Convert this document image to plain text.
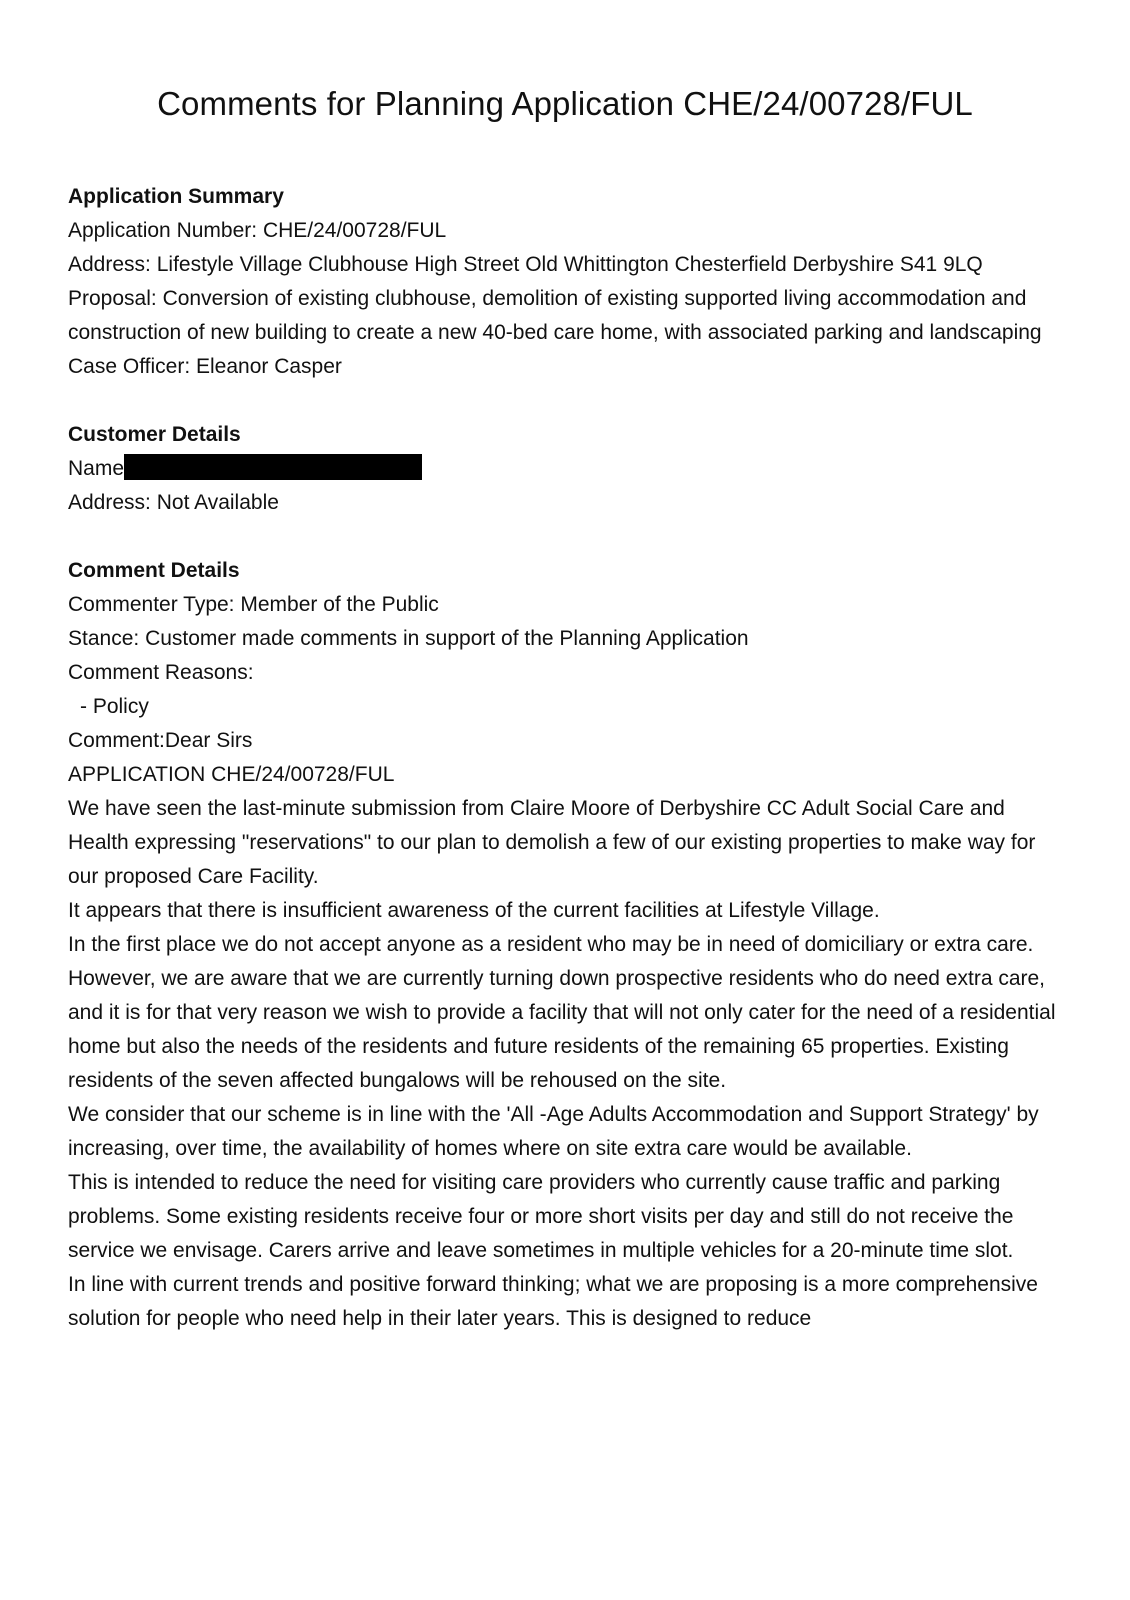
Comments for Planning Application CHE/24/00728/FUL

Application Summary

Application Number: CHE/24/00728/FUL

Address: Lifestyle Village Clubhouse High Street Old Whittington Chesterfield Derbyshire S41 9LQ

Proposal: Conversion of existing clubhouse, demolition of existing supported living accommodation and construction of new building to create a new 40-bed care home, with associated parking and landscaping

Case Officer: Eleanor Casper

Customer Details

Name

Address: Not Available

Comment Details

Commenter Type: Member of the Public

Stance: Customer made comments in support of the Planning Application

Comment Reasons:

- Policy

Comment:Dear Sirs

APPLICATION CHE/24/00728/FUL

We have seen the last-minute submission from Claire Moore of Derbyshire CC Adult Social Care and Health expressing "reservations" to our plan to demolish a few of our existing properties to make way for our proposed Care Facility.

It appears that there is insufficient awareness of the current facilities at Lifestyle Village.

In the first place we do not accept anyone as a resident who may be in need of domiciliary or extra care.

However, we are aware that we are currently turning down prospective residents who do need extra care, and it is for that very reason we wish to provide a facility that will not only cater for the need of a residential home but also the needs of the residents and future residents of the remaining 65 properties. Existing residents of the seven affected bungalows will be rehoused on the site.

We consider that our scheme is in line with the 'All -Age Adults Accommodation and Support Strategy' by increasing, over time, the availability of homes where on site extra care would be available.

This is intended to reduce the need for visiting care providers who currently cause traffic and parking problems. Some existing residents receive four or more short visits per day and still do not receive the service we envisage. Carers arrive and leave sometimes in multiple vehicles for a 20-minute time slot.

In line with current trends and positive forward thinking; what we are proposing is a more comprehensive solution for people who need help in their later years. This is designed to reduce
